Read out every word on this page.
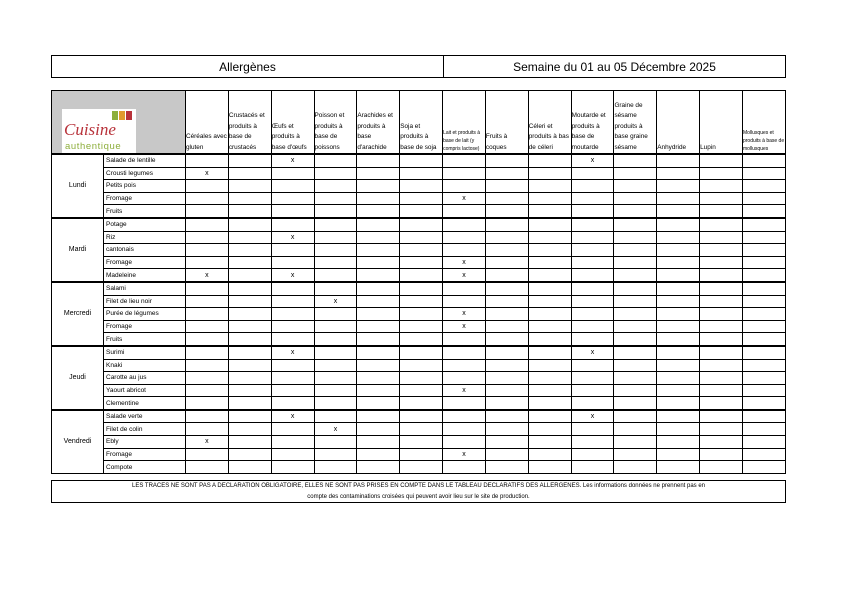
Allergènes	Semaine du 01 au 05 Décembre 2025
Cuisine
authentique		Céréales avec gluten	Crustacés et produits à base de crustacés	Œufs et produits à base d'œufs	Poisson et produits à base de poissons	Arachides et produits à base d'arachide	Soja et produits à base de soja	Lait et produits à base de lait (y compris lactose)	Fruits à coques	Céleri et produits à bas de céleri	Moutarde et produits à base de moutarde	Graine de sésame produits à base graine sésame	Anhydride	Lupin	Mollusques et produits à base de mollusques
Lundi	Salade de lentille			x							x				
	Crousti legumes	x													
	Petits pois														
	Fromage							x							
	Fruits														
Mardi	Potage														
	Riz			x											
	cantonais														
	Fromage							x							
	Madeleine	x		x				x							
Mercredi	Salami														
	Filet de lieu noir				x										
	Purée de légumes							x							
	Fromage							x							
	Fruits														
Jeudi	Surimi			x							x				
	Knaki														
	Carotte au jus														
	Yaourt abricot							x							
	Clementine														
Vendredi	Salade verte			x							x				
	Filet de colin				x										
	Ebly	x													
	Fromage							x							
	Compote														
LES TRACES NE SONT PAS A DECLARATION OBLIGATOIRE, ELLES NE SONT PAS PRISES EN COMPTE DANS LE TABLEAU DECLARATIFS DES ALLERGENES. Les informations données ne prennent pas en
compte des contaminations croisées qui peuvent avoir lieu sur le site de production.
